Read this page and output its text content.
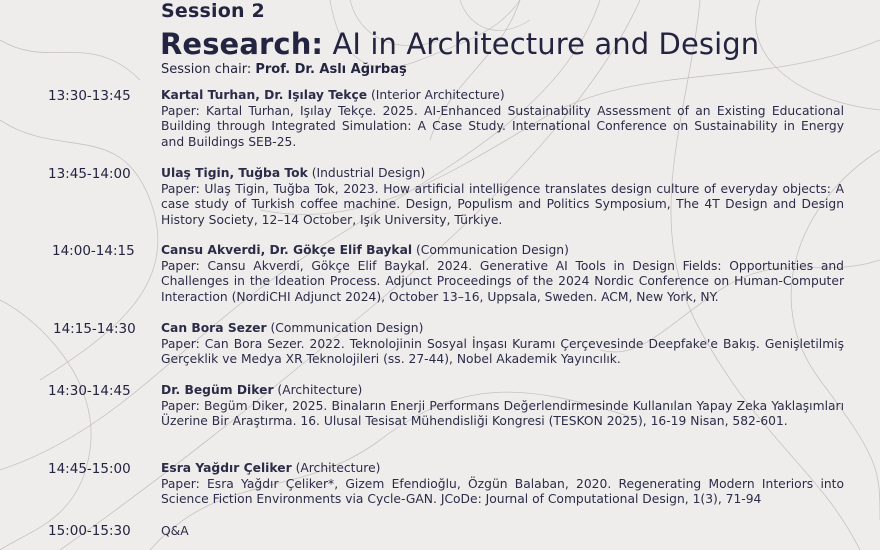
Session 2
Research: AI in Architecture and Design
Session chair: Prof. Dr. Aslı Ağırbaş
13:30-13:45 Kartal Turhan, Dr. Işılay Tekçe (Interior Architecture)
Paper: Kartal Turhan, Işılay Tekçe. 2025. AI-Enhanced Sustainability Assessment of an Existing Educational Building through Integrated Simulation: A Case Study. International Conference on Sustainability in Energy and Buildings SEB-25.
13:45-14:00 Ulaş Tigin, Tuğba Tok (Industrial Design)
Paper: Ulaş Tigin, Tuğba Tok, 2023. How artificial intelligence translates design culture of everyday objects: A case study of Turkish coffee machine. Design, Populism and Politics Symposium, The 4T Design and Design History Society, 12–14 October, Işık University, Türkiye.
14:00-14:15 Cansu Akverdi, Dr. Gökçe Elif Baykal (Communication Design)
Paper: Cansu Akverdi, Gökçe Elif Baykal. 2024. Generative AI Tools in Design Fields: Opportunities and Challenges in the Ideation Process. Adjunct Proceedings of the 2024 Nordic Conference on Human-Computer Interaction (NordiCHI Adjunct 2024), October 13–16, Uppsala, Sweden. ACM, New York, NY.
14:15-14:30 Can Bora Sezer (Communication Design)
Paper: Can Bora Sezer. 2022. Teknolojinin Sosyal İnşası Kuramı Çerçevesinde Deepfake'e Bakış. Genişletilmiş Gerçeklik ve Medya XR Teknolojileri (ss. 27-44), Nobel Akademik Yayıncılık.
14:30-14:45 Dr. Begüm Diker (Architecture)
Paper: Begüm Diker, 2025. Binaların Enerji Performans Değerlendirmesinde Kullanılan Yapay Zeka Yaklaşımları Üzerine Bir Araştırma. 16. Ulusal Tesisat Mühendisliği Kongresi (TESKON 2025), 16-19 Nisan, 582-601.
14:45-15:00 Esra Yağdır Çeliker (Architecture)
Paper: Esra Yağdır Çeliker*, Gizem Efendioğlu, Özgün Balaban, 2020. Regenerating Modern Interiors into Science Fiction Environments via Cycle-GAN. JCoDe: Journal of Computational Design, 1(3), 71-94
15:00-15:30 Q&A
